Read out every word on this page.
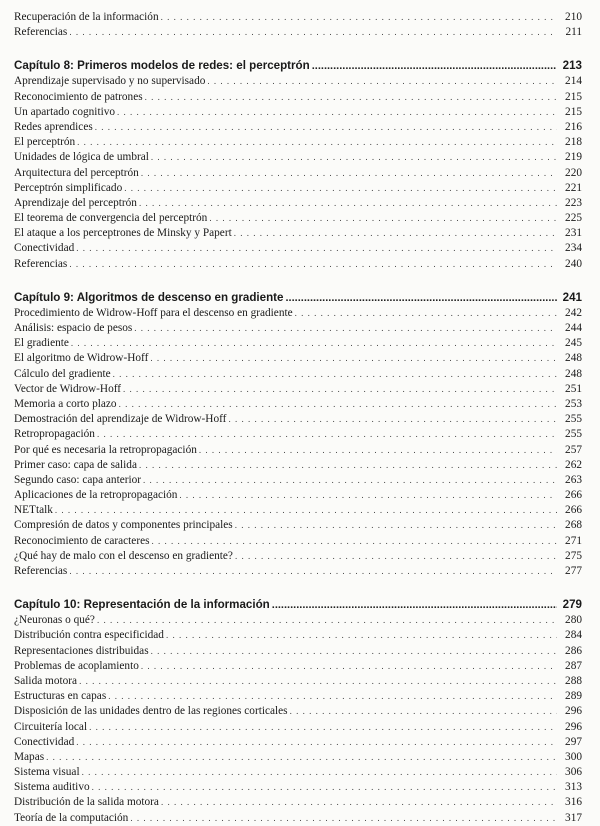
Recuperación de la información . . .	210
Referencias . . .	211
Capítulo 8: Primeros modelos de redes: el perceptrón .....	213
Aprendizaje supervisado y no supervisado . . .	214
Reconocimiento de patrones . . .	215
Un apartado cognitivo . . .	215
Redes aprendices . . .	216
El perceptrón . . .	218
Unidades de lógica de umbral . . .	219
Arquitectura del perceptrón . . .	220
Perceptrón simplificado . . .	221
Aprendizaje del perceptrón . . .	223
El teorema de convergencia del perceptrón . . .	225
El ataque a los perceptrones de Minsky y Papert . . .	231
Conectividad . . .	234
Referencias . . .	240
Capítulo 9: Algoritmos de descenso en gradiente .....	241
Procedimiento de Widrow-Hoff para el descenso en gradiente . . .	242
Análisis: espacio de pesos . . .	244
El gradiente . . .	245
El algoritmo de Widrow-Hoff . . .	248
Cálculo del gradiente . . .	248
Vector de Widrow-Hoff . . .	251
Memoria a corto plazo . . .	253
Demostración del aprendizaje de Widrow-Hoff . . .	255
Retropropagación . . .	255
Por qué es necesaria la retropropagación . . .	257
Primer caso: capa de salida . . .	262
Segundo caso: capa anterior . . .	263
Aplicaciones de la retropropagación . . .	266
NETtalk . . .	266
Compresión de datos y componentes principales . . .	268
Reconocimiento de caracteres . . .	271
¿Qué hay de malo con el descenso en gradiente? . . .	275
Referencias . . .	277
Capítulo 10: Representación de la información .....	279
¿Neuronas o qué? . . .	280
Distribución contra especificidad . . .	284
Representaciones distribuidas . . .	286
Problemas de acoplamiento . . .	287
Salida motora . . .	288
Estructuras en capas . . .	289
Disposición de las unidades dentro de las regiones corticales . . .	296
Circuitería local . . .	296
Conectividad . . .	297
Mapas . . .	300
Sistema visual . . .	306
Sistema auditivo . . .	313
Distribución de la salida motora . . .	316
Teoría de la computación . . .	317
